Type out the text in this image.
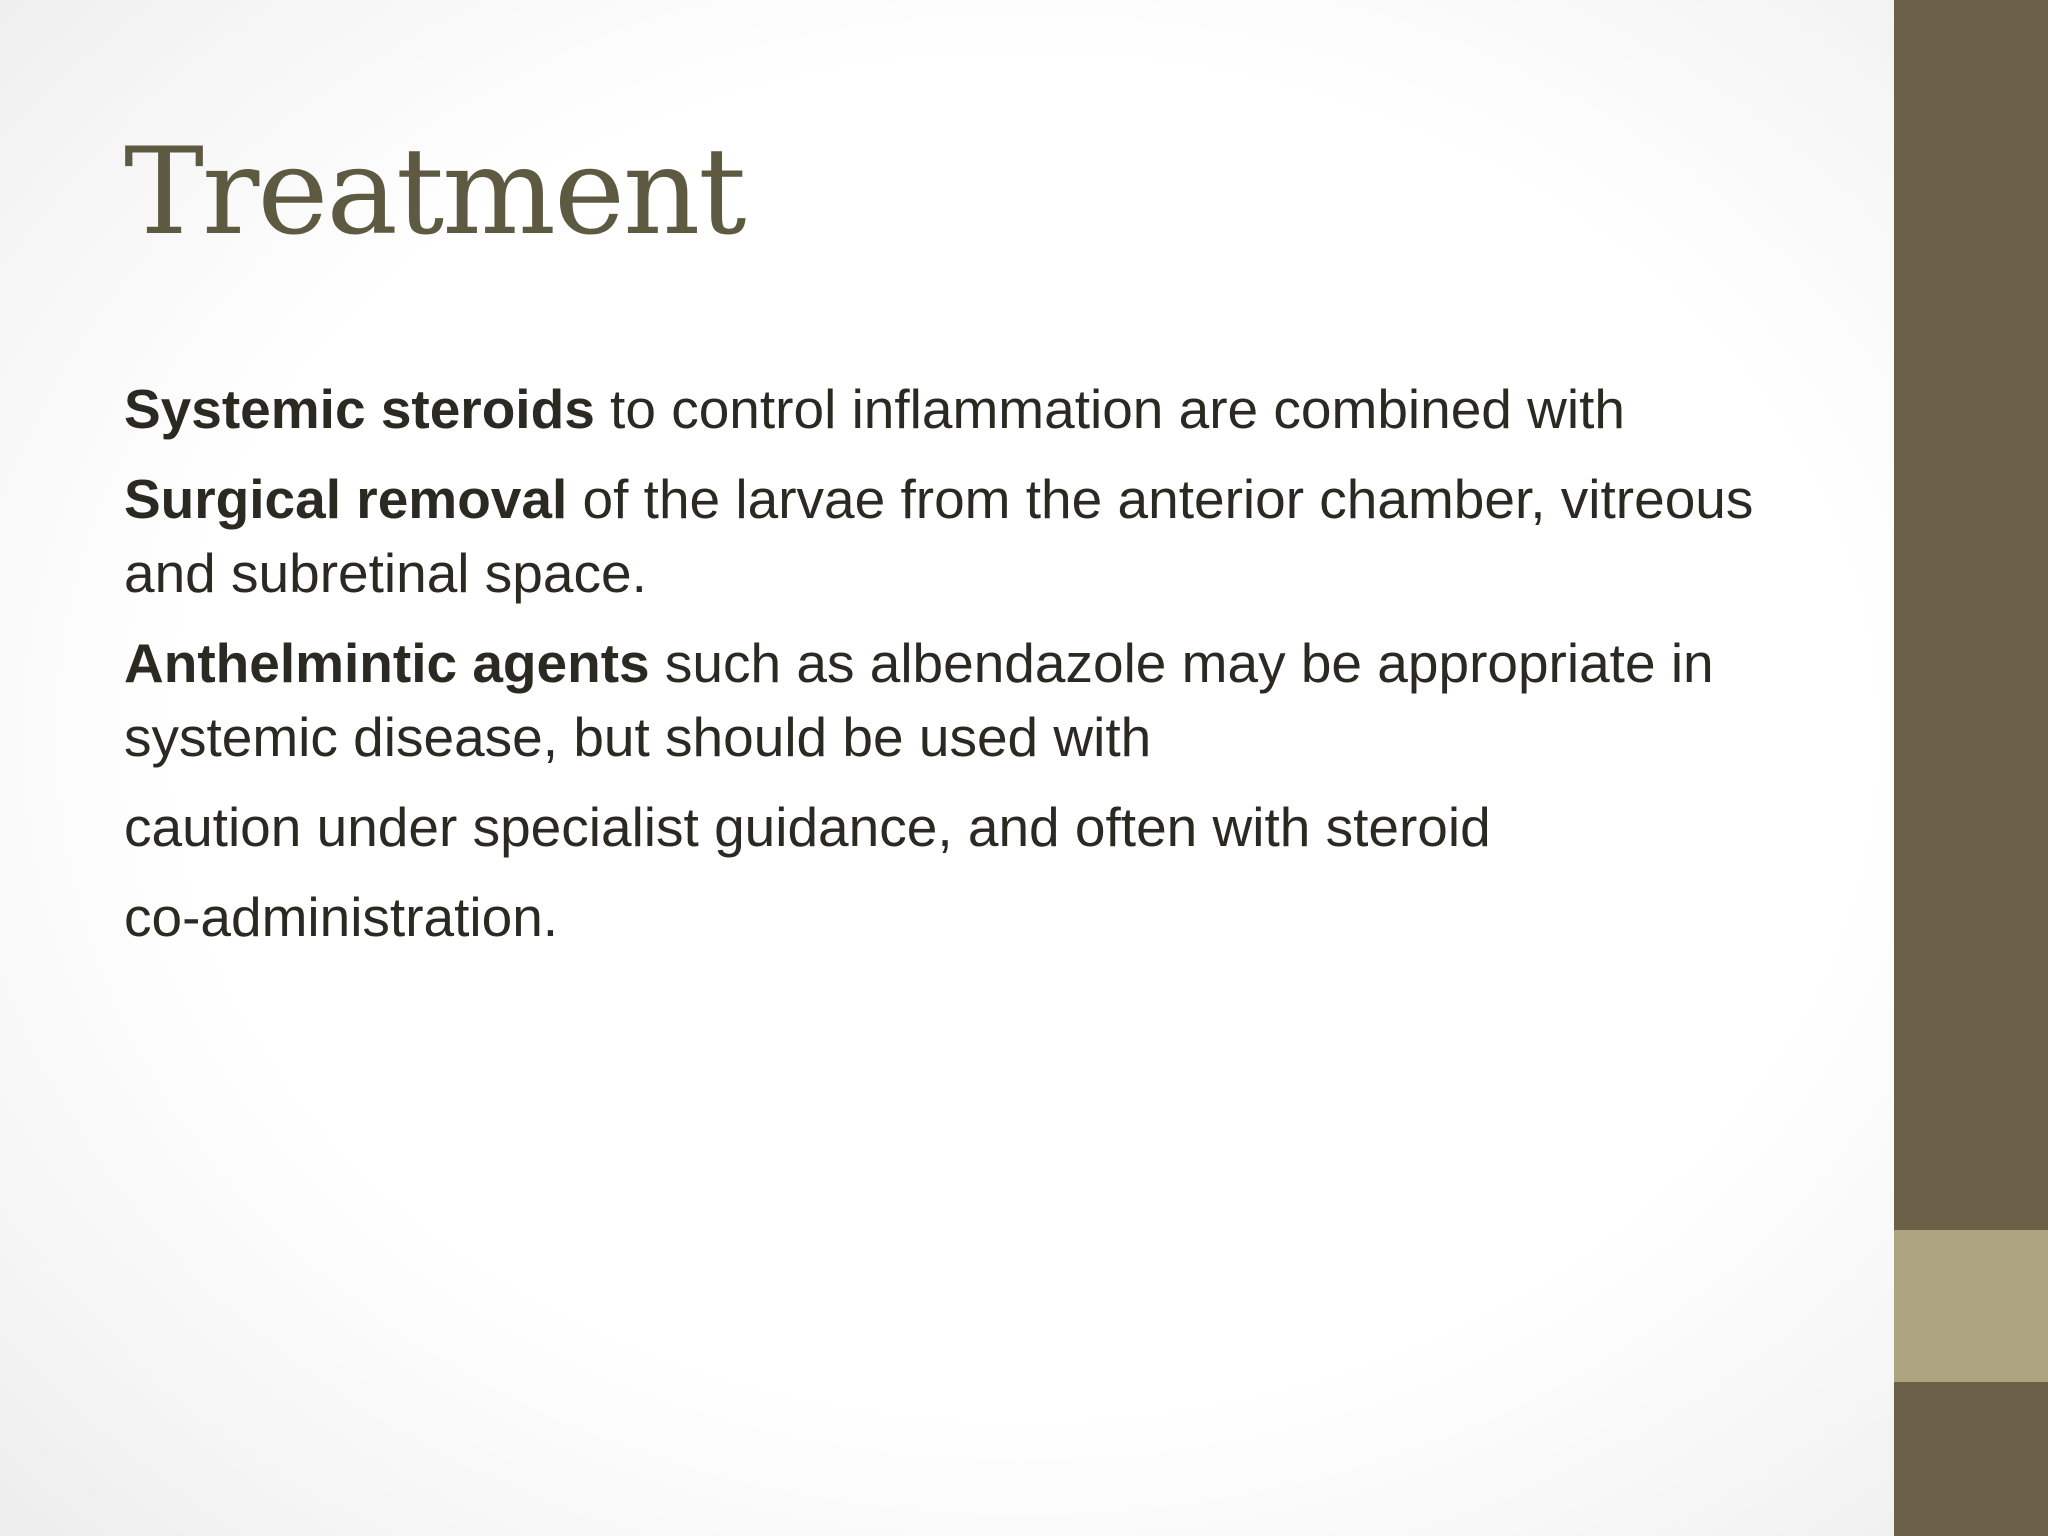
Treatment

Systemic steroids to control inflammation are combined with

Surgical removal of the larvae from the anterior chamber, vitreous and subretinal space.

Anthelmintic agents such as albendazole may be appropriate in systemic disease, but should be used with

caution under specialist guidance, and often with steroid

co-administration.
